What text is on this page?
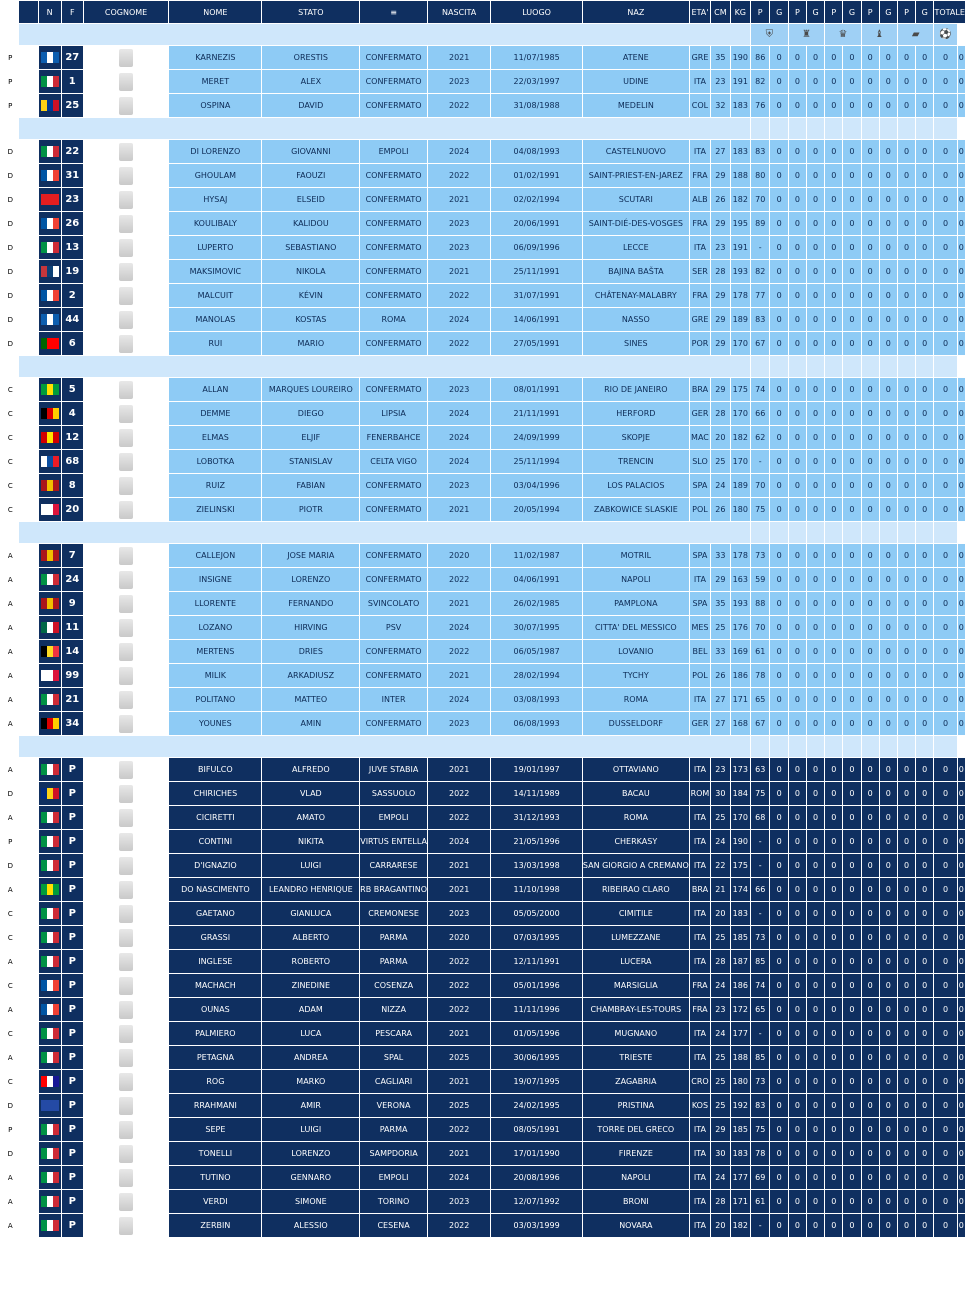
	N	F	COGNOME	NOME	STATO	≡	NASCITA	LUOGO	NAZ	ETA'	CM	KG	P	G	P	G	P	G	P	G	P	G	TOTALE
	⛨	♜	♛	♝	▰	⚽
P		27		KARNEZIS	ORESTIS	CONFERMATO	2021	11/07/1985	ATENE	GRE	35	190	86	0	0	0	0	0	0	0	0	0	0	0
P		1		MERET	ALEX	CONFERMATO	2023	22/03/1997	UDINE	ITA	23	191	82	0	0	0	0	0	0	0	0	0	0	0
P		25		OSPINA	DAVID	CONFERMATO	2022	31/08/1988	MEDELIN	COL	32	183	76	0	0	0	0	0	0	0	0	0	0	0

D		22		DI LORENZO	GIOVANNI	EMPOLI	2024	04/08/1993	CASTELNUOVO	ITA	27	183	83	0	0	0	0	0	0	0	0	0	0	0
D		31		GHOULAM	FAOUZI	CONFERMATO	2022	01/02/1991	SAINT-PRIEST-EN-JAREZ	FRA	29	188	80	0	0	0	0	0	0	0	0	0	0	0
D		23		HYSAJ	ELSEID	CONFERMATO	2021	02/02/1994	SCUTARI	ALB	26	182	70	0	0	0	0	0	0	0	0	0	0	0
D		26		KOULIBALY	KALIDOU	CONFERMATO	2023	20/06/1991	SAINT-DIÉ-DES-VOSGES	FRA	29	195	89	0	0	0	0	0	0	0	0	0	0	0
D		13		LUPERTO	SEBASTIANO	CONFERMATO	2023	06/09/1996	LECCE	ITA	23	191	-	0	0	0	0	0	0	0	0	0	0	0
D		19		MAKSIMOVIC	NIKOLA	CONFERMATO	2021	25/11/1991	BAJINA BAŠTA	SER	28	193	82	0	0	0	0	0	0	0	0	0	0	0
D		2		MALCUIT	KÉVIN	CONFERMATO	2022	31/07/1991	CHÂTENAY-MALABRY	FRA	29	178	77	0	0	0	0	0	0	0	0	0	0	0
D		44		MANOLAS	KOSTAS	ROMA	2024	14/06/1991	NASSO	GRE	29	189	83	0	0	0	0	0	0	0	0	0	0	0
D		6		RUI	MARIO	CONFERMATO	2022	27/05/1991	SINES	POR	29	170	67	0	0	0	0	0	0	0	0	0	0	0

C		5		ALLAN	MARQUES LOUREIRO	CONFERMATO	2023	08/01/1991	RIO DE JANEIRO	BRA	29	175	74	0	0	0	0	0	0	0	0	0	0	0
C		4		DEMME	DIEGO	LIPSIA	2024	21/11/1991	HERFORD	GER	28	170	66	0	0	0	0	0	0	0	0	0	0	0
C		12		ELMAS	ELJIF	FENERBAHCE	2024	24/09/1999	SKOPJE	MAC	20	182	62	0	0	0	0	0	0	0	0	0	0	0
C		68		LOBOTKA	STANISLAV	CELTA VIGO	2024	25/11/1994	TRENCIN	SLO	25	170	-	0	0	0	0	0	0	0	0	0	0	0
C		8		RUIZ	FABIAN	CONFERMATO	2023	03/04/1996	LOS PALACIOS	SPA	24	189	70	0	0	0	0	0	0	0	0	0	0	0
C		20		ZIELINSKI	PIOTR	CONFERMATO	2021	20/05/1994	ZABKOWICE SLASKIE	POL	26	180	75	0	0	0	0	0	0	0	0	0	0	0

A		7		CALLEJON	JOSE MARIA	CONFERMATO	2020	11/02/1987	MOTRIL	SPA	33	178	73	0	0	0	0	0	0	0	0	0	0	0
A		24		INSIGNE	LORENZO	CONFERMATO	2022	04/06/1991	NAPOLI	ITA	29	163	59	0	0	0	0	0	0	0	0	0	0	0
A		9		LLORENTE	FERNANDO	SVINCOLATO	2021	26/02/1985	PAMPLONA	SPA	35	193	88	0	0	0	0	0	0	0	0	0	0	0
A		11		LOZANO	HIRVING	PSV	2024	30/07/1995	CITTA' DEL MESSICO	MES	25	176	70	0	0	0	0	0	0	0	0	0	0	0
A		14		MERTENS	DRIES	CONFERMATO	2022	06/05/1987	LOVANIO	BEL	33	169	61	0	0	0	0	0	0	0	0	0	0	0
A		99		MILIK	ARKADIUSZ	CONFERMATO	2021	28/02/1994	TYCHY	POL	26	186	78	0	0	0	0	0	0	0	0	0	0	0
A		21		POLITANO	MATTEO	INTER	2024	03/08/1993	ROMA	ITA	27	171	65	0	0	0	0	0	0	0	0	0	0	0
A		34		YOUNES	AMIN	CONFERMATO	2023	06/08/1993	DUSSELDORF	GER	27	168	67	0	0	0	0	0	0	0	0	0	0	0

A		P		BIFULCO	ALFREDO	JUVE STABIA	2021	19/01/1997	OTTAVIANO	ITA	23	173	63	0	0	0	0	0	0	0	0	0	0	0
D		P		CHIRICHES	VLAD	SASSUOLO	2022	14/11/1989	BACAU	ROM	30	184	75	0	0	0	0	0	0	0	0	0	0	0
A		P		CICIRETTI	AMATO	EMPOLI	2022	31/12/1993	ROMA	ITA	25	170	68	0	0	0	0	0	0	0	0	0	0	0
P		P		CONTINI	NIKITA	VIRTUS ENTELLA	2024	21/05/1996	CHERKASY	ITA	24	190	-	0	0	0	0	0	0	0	0	0	0	0
D		P		D'IGNAZIO	LUIGI	CARRARESE	2021	13/03/1998	SAN GIORGIO A CREMANO	ITA	22	175	-	0	0	0	0	0	0	0	0	0	0	0
A		P		DO NASCIMENTO	LEANDRO HENRIQUE	RB BRAGANTINO	2021	11/10/1998	RIBEIRAO CLARO	BRA	21	174	66	0	0	0	0	0	0	0	0	0	0	0
C		P		GAETANO	GIANLUCA	CREMONESE	2023	05/05/2000	CIMITILE	ITA	20	183	-	0	0	0	0	0	0	0	0	0	0	0
C		P		GRASSI	ALBERTO	PARMA	2020	07/03/1995	LUMEZZANE	ITA	25	185	73	0	0	0	0	0	0	0	0	0	0	0
A		P		INGLESE	ROBERTO	PARMA	2022	12/11/1991	LUCERA	ITA	28	187	85	0	0	0	0	0	0	0	0	0	0	0
C		P		MACHACH	ZINEDINE	COSENZA	2022	05/01/1996	MARSIGLIA	FRA	24	186	74	0	0	0	0	0	0	0	0	0	0	0
A		P		OUNAS	ADAM	NIZZA	2022	11/11/1996	CHAMBRAY-LES-TOURS	FRA	23	172	65	0	0	0	0	0	0	0	0	0	0	0
C		P		PALMIERO	LUCA	PESCARA	2021	01/05/1996	MUGNANO	ITA	24	177	-	0	0	0	0	0	0	0	0	0	0	0
A		P		PETAGNA	ANDREA	SPAL	2025	30/06/1995	TRIESTE	ITA	25	188	85	0	0	0	0	0	0	0	0	0	0	0
C		P		ROG	MARKO	CAGLIARI	2021	19/07/1995	ZAGABRIA	CRO	25	180	73	0	0	0	0	0	0	0	0	0	0	0
D		P		RRAHMANI	AMIR	VERONA	2025	24/02/1995	PRISTINA	KOS	25	192	83	0	0	0	0	0	0	0	0	0	0	0
P		P		SEPE	LUIGI	PARMA	2022	08/05/1991	TORRE DEL GRECO	ITA	29	185	75	0	0	0	0	0	0	0	0	0	0	0
D		P		TONELLI	LORENZO	SAMPDORIA	2021	17/01/1990	FIRENZE	ITA	30	183	78	0	0	0	0	0	0	0	0	0	0	0
A		P		TUTINO	GENNARO	EMPOLI	2024	20/08/1996	NAPOLI	ITA	24	177	69	0	0	0	0	0	0	0	0	0	0	0
A		P		VERDI	SIMONE	TORINO	2023	12/07/1992	BRONI	ITA	28	171	61	0	0	0	0	0	0	0	0	0	0	0
A		P		ZERBIN	ALESSIO	CESENA	2022	03/03/1999	NOVARA	ITA	20	182	-	0	0	0	0	0	0	0	0	0	0	0
